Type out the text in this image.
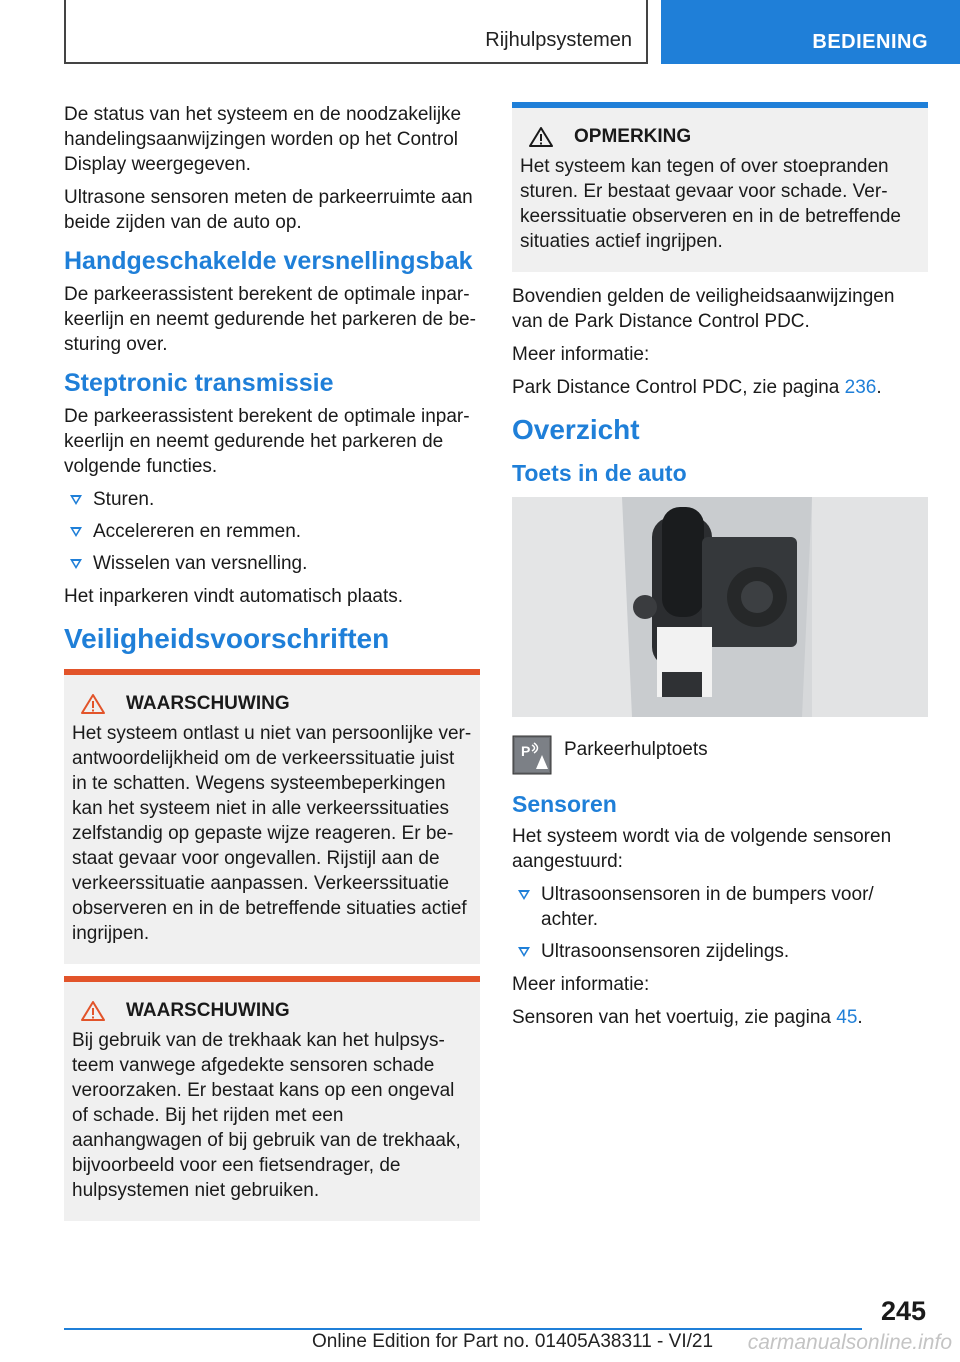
Rijhulpsystemen	BEDIENING

De status van het systeem en de noodzakelijke handelingsaanwijzingen worden op het Control Display weergegeven.

Ultrasone sensoren meten de parkeerruimte aan beide zijden van de auto op.

Handgeschakelde versnellingsbak

De parkeerassistent berekent de optimale inparkeerlijn en neemt gedurende het parkeren de besturing over.

Steptronic transmissie

De parkeerassistent berekent de optimale inparkeerlijn en neemt gedurende het parkeren de volgende functies.

Sturen.
Accelereren en remmen.
Wisselen van versnelling.

Het inparkeren vindt automatisch plaats.

Veiligheidsvoorschriften
WAARSCHUWING

Het systeem ontlast u niet van persoonlijke verantwoordelijkheid om de verkeerssituatie juist in te schatten. Wegens systeembeperkingen kan het systeem niet in alle verkeerssituaties zelfstandig op gepaste wijze reageren. Er bestaat gevaar voor ongevallen. Rijstijl aan de verkeerssituatie aanpassen. Verkeerssituatie observeren en in de betreffende situaties actief ingrijpen.

WAARSCHUWING

Bij gebruik van de trekhaak kan het hulpsysteem vanwege afgedekte sensoren schade veroorzaken. Er bestaat kans op een ongeval of schade. Bij het rijden met een aanhangwagen of bij gebruik van de trekhaak, bijvoorbeeld voor een fietsendrager, de hulpsystemen niet gebruiken.

OPMERKING

Het systeem kan tegen of over stoepranden sturen. Er bestaat gevaar voor schade. Verkeerssituatie observeren en in de betreffende situaties actief ingrijpen.

Bovendien gelden de veiligheidsaanwijzingen van de Park Distance Control PDC.

Meer informatie:

Park Distance Control PDC, zie pagina 236.

Overzicht
Toets in de auto
P Parkeerhulptoets
Sensoren

Het systeem wordt via de volgende sensoren aangestuurd:

Ultrasoonsensoren in de bumpers voor/ achter.
Ultrasoonsensoren zijdelings.

Meer informatie:

Sensoren van het voertuig, zie pagina 45.

245
Online Edition for Part no. 01405A38311 - VI/21 carmanualsonline.info
